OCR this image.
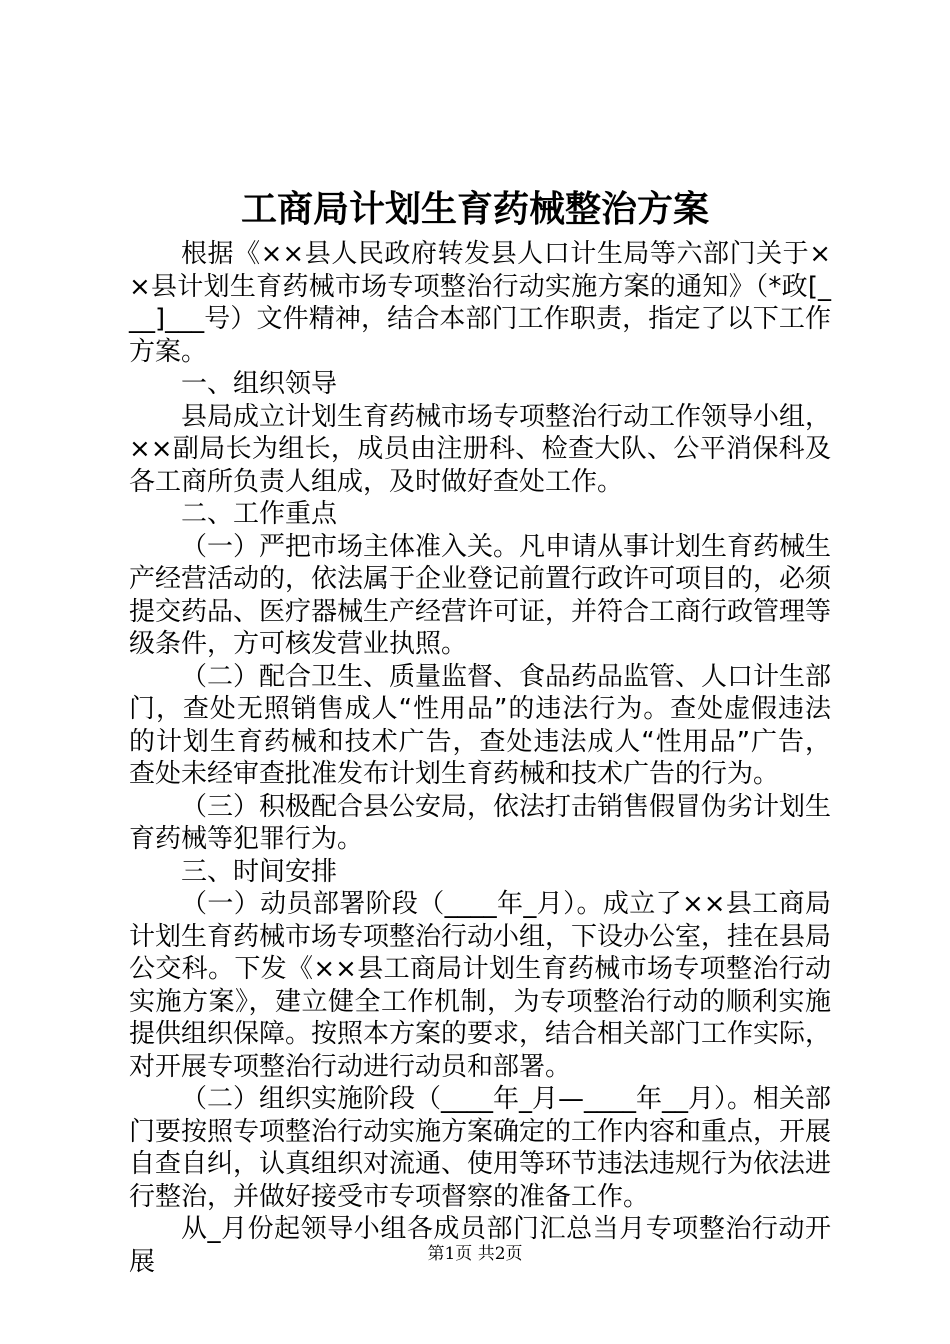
工商局计划生育药械整治方案

根据《××县人民政府转发县人口计生局等六部门关于××县计划生育药械市场专项整治行动实施方案的通知》（*政[___]___号）文件精神，结合本部门工作职责，指定了以下工作方案。

一、组织领导

县局成立计划生育药械市场专项整治行动工作领导小组，××副局长为组长，成员由注册科、检查大队、公平消保科及各工商所负责人组成，及时做好查处工作。

二、工作重点

（一）严把市场主体准入关。凡申请从事计划生育药械生产经营活动的，依法属于企业登记前置行政许可项目的，必须提交药品、医疗器械生产经营许可证，并符合工商行政管理等级条件，方可核发营业执照。

（二）配合卫生、质量监督、食品药品监管、人口计生部门，查处无照销售成人“性用品”的违法行为。查处虚假违法的计划生育药械和技术广告，查处违法成人“性用品”广告，查处未经审查批准发布计划生育药械和技术广告的行为。

（三）积极配合县公安局，依法打击销售假冒伪劣计划生育药械等犯罪行为。

三、时间安排

（一）动员部署阶段（____年_月）。成立了××县工商局计划生育药械市场专项整治行动小组，下设办公室，挂在县局公交科。下发《××县工商局计划生育药械市场专项整治行动实施方案》，建立健全工作机制，为专项整治行动的顺利实施提供组织保障。按照本方案的要求，结合相关部门工作实际，对开展专项整治行动进行动员和部署。

（二）组织实施阶段（____年_月—____年__月）。相关部门要按照专项整治行动实施方案确定的工作内容和重点，开展自查自纠，认真组织对流通、使用等环节违法违规行为依法进行整治，并做好接受市专项督察的准备工作。

从_月份起领导小组各成员部门汇总当月专项整治行动开展	第1页 共2页
